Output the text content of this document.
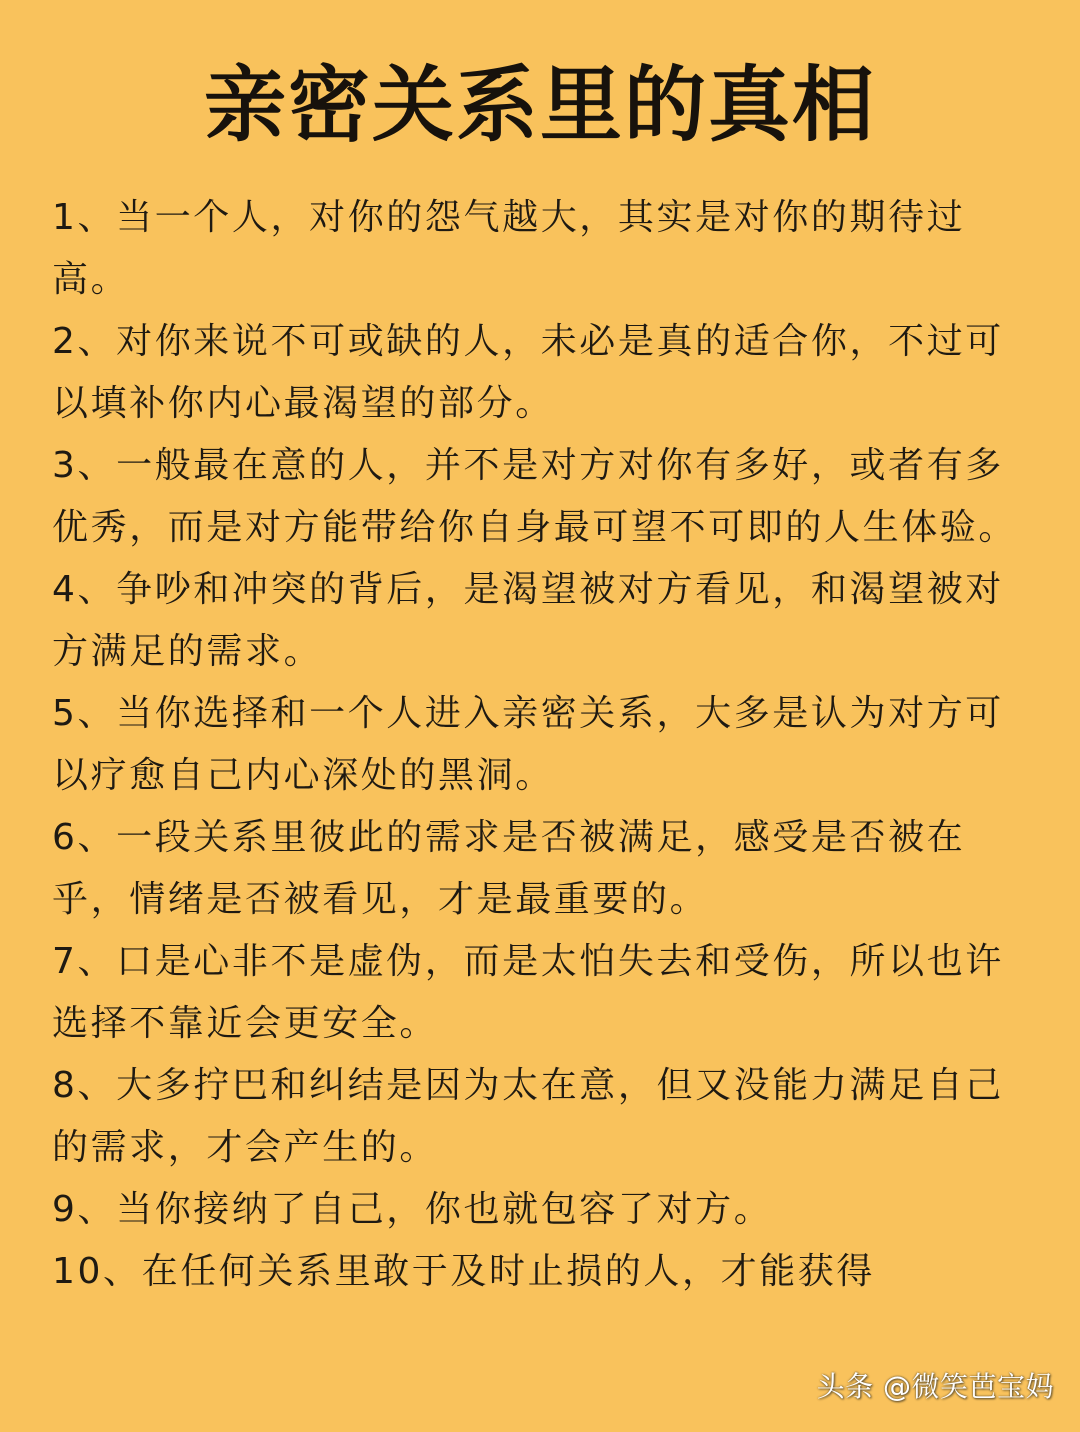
亲密关系里的真相
1、当一个人，对你的怨气越大，其实是对你的期待过高。
2、对你来说不可或缺的人，未必是真的适合你，不过可以填补你内心最渴望的部分。
3、一般最在意的人，并不是对方对你有多好，或者有多优秀，而是对方能带给你自身最可望不可即的人生体验。
4、争吵和冲突的背后，是渴望被对方看见，和渴望被对方满足的需求。
5、当你选择和一个人进入亲密关系，大多是认为对方可以疗愈自己内心深处的黑洞。
6、一段关系里彼此的需求是否被满足，感受是否被在乎，情绪是否被看见，才是最重要的。
7、口是心非不是虚伪，而是太怕失去和受伤，所以也许选择不靠近会更安全。
8、大多拧巴和纠结是因为太在意，但又没能力满足自己的需求，才会产生的。
9、当你接纳了自己，你也就包容了对方。
10、在任何关系里敢于及时止损的人，才能获得
头条 @微笑芭宝妈
